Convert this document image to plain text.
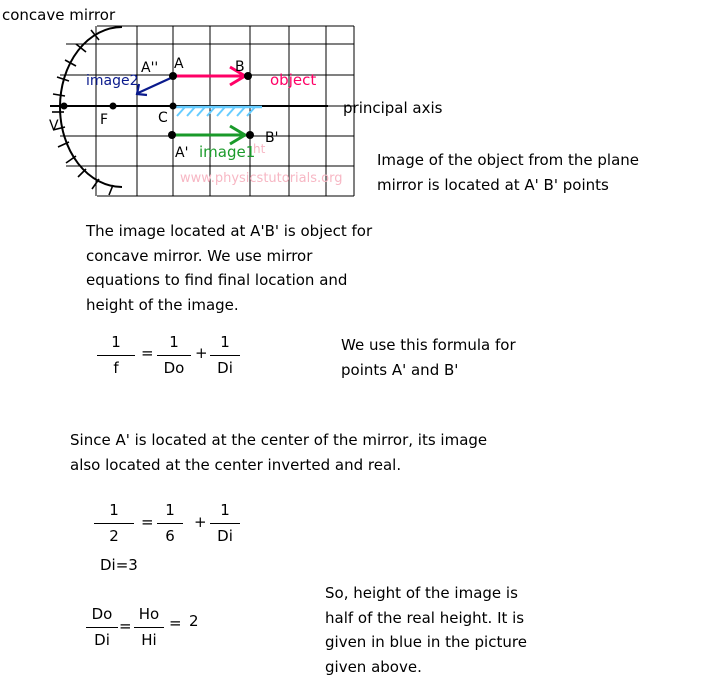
concave mirror
www.physicstutorials.org
ht
A'' A	B
C
F
V
A'
B'
object
image1
image2
principal axis
Image of the object from the plane mirror is located at A' B' points
The image located at A'B' is object for concave mirror. We use mirror equations to find final location and height of the image.
1
f
=
1
Do
+
1
Di
We use this formula for points A' and B'
Since A' is located at the center of the mirror, its image also located at the center inverted and real.
1
2
=
1
6
+
1
Di
Di=3
Do
Di
=
Ho
Hi
= 2
So, height of the image is half of the real height. It is given in blue in the picture given above.
